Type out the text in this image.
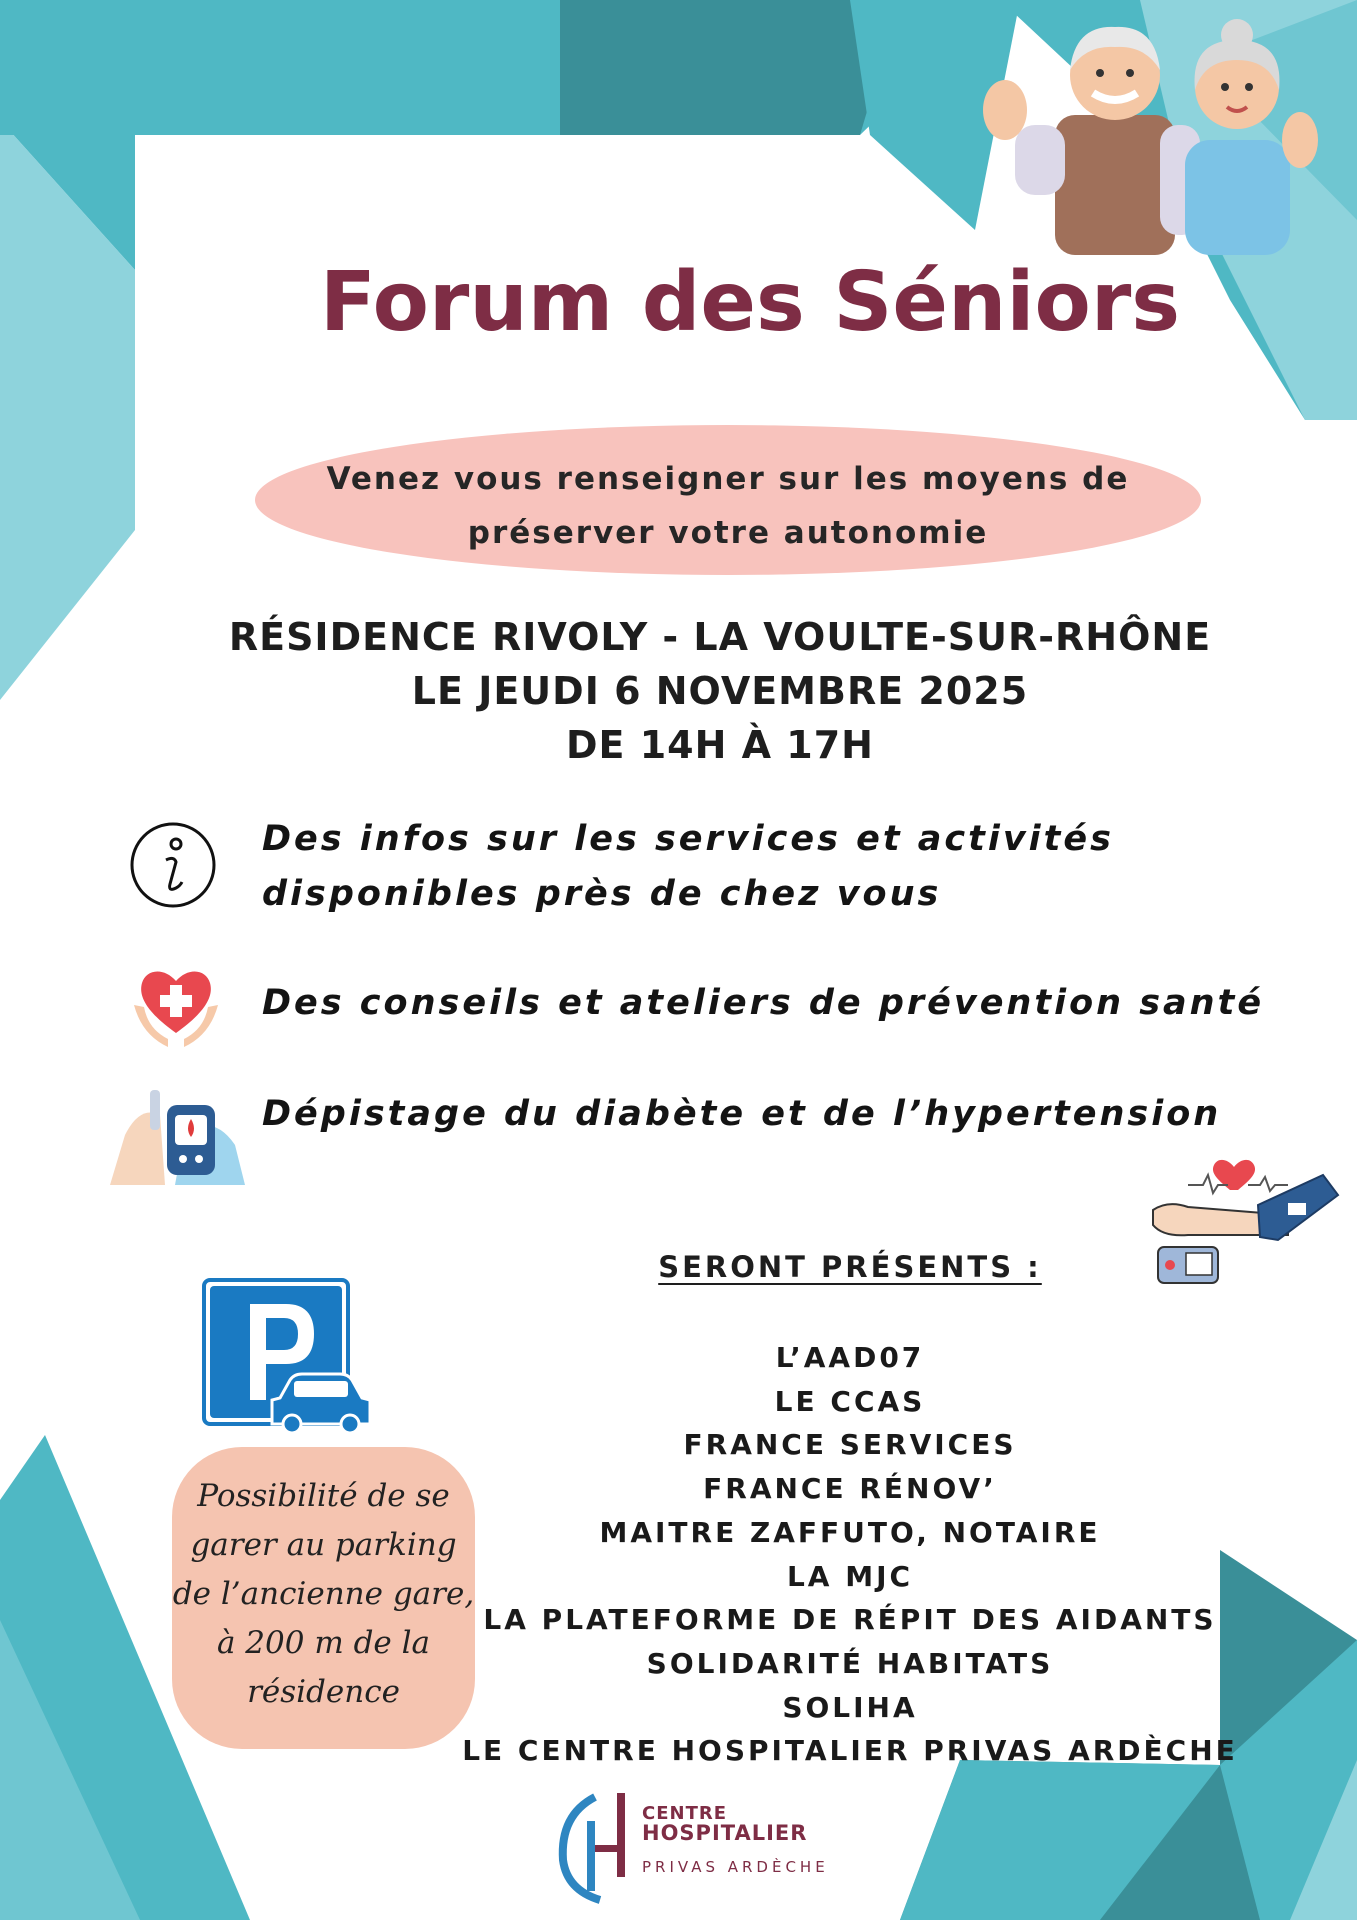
Forum des Séniors
Venez vous renseigner sur les moyens de
préserver votre autonomie
RÉSIDENCE RIVOLY - LA VOULTE-SUR-RHÔNE
LE JEUDI 6 NOVEMBRE 2025
DE 14H À 17H
Des infos sur les services et activités
disponibles près de chez vous
Des conseils et ateliers de prévention santé
Dépistage du diabète et de l’hypertension
SERONT PRÉSENTS :
L’AAD07
LE CCAS
FRANCE SERVICES
FRANCE RÉNOV’
MAITRE ZAFFUTO, NOTAIRE
LA MJC
LA PLATEFORME DE RÉPIT DES AIDANTS
SOLIDARITÉ HABITATS
SOLIHA
LE CENTRE HOSPITALIER PRIVAS ARDÈCHE
Possibilité de se
garer au parking
de l’ancienne gare,
à 200 m de la
résidence
CENTRE
HOSPITALIER
PRIVAS ARDÈCHE
